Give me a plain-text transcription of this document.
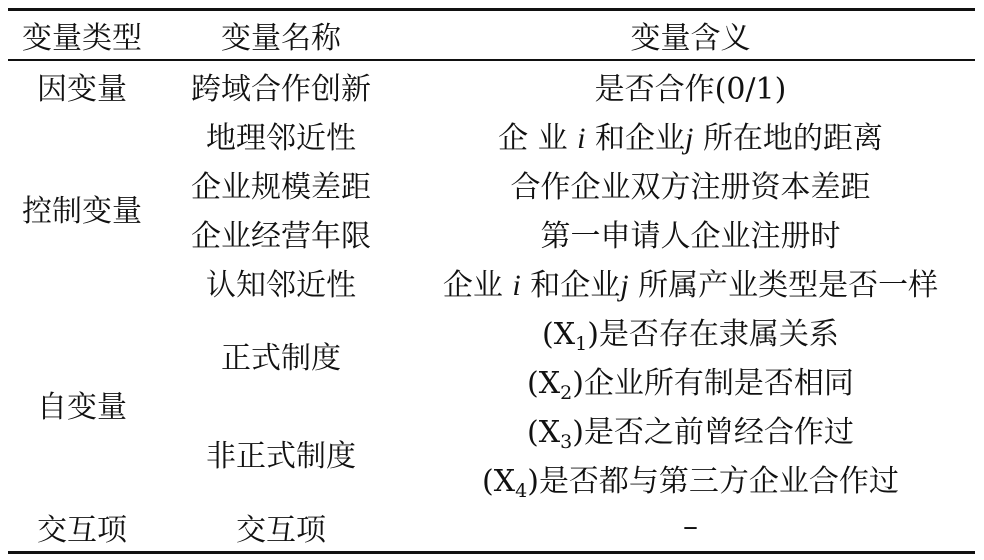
变量类型	变量名称	变量含义
因变量	跨域合作创新	是否合作(0/1)
控制变量	地理邻近性	企 业 i 和企业j 所在地的距离
	企业规模差距	合作企业双方注册资本差距
	企业经营年限	第一申请人企业注册时
	认知邻近性	企业 i 和企业j 所属产业类型是否一样
自变量	正式制度	$(X_1)$是否存在隶属关系
		$(X_2)$企业所有制是否相同
	非正式制度	$(X_3)$是否之前曾经合作过
		$(X_4)$是否都与第三方企业合作过
交互项	交互项	–
